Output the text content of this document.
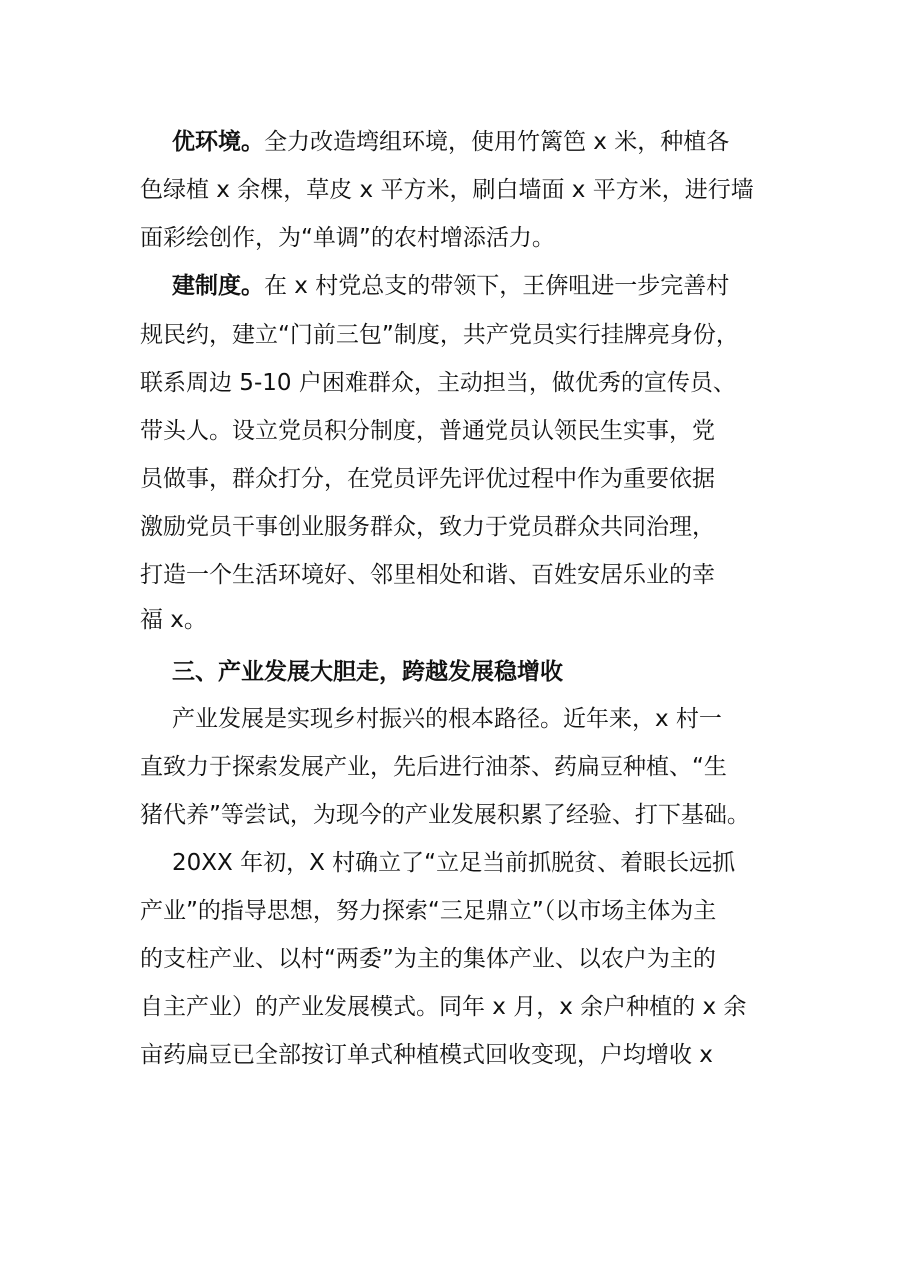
优环境。全力改造塆组环境，使用竹篱笆 x 米，种植各
色绿植 x 余棵，草皮 x 平方米，刷白墙面 x 平方米，进行墙
面彩绘创作，为“单调”的农村增添活力。
建制度。在 x 村党总支的带领下，王倴咀进一步完善村
规民约，建立“门前三包”制度，共产党员实行挂牌亮身份，
联系周边 5-10 户困难群众，主动担当，做优秀的宣传员、
带头人。设立党员积分制度，普通党员认领民生实事，党
员做事，群众打分，在党员评先评优过程中作为重要依据
激励党员干事创业服务群众，致力于党员群众共同治理，
打造一个生活环境好、邻里相处和谐、百姓安居乐业的幸
福 x。
三、产业发展大胆走，跨越发展稳增收
产业发展是实现乡村振兴的根本路径。近年来，x 村一
直致力于探索发展产业，先后进行油茶、药扁豆种植、“生
猪代养”等尝试，为现今的产业发展积累了经验、打下基础。
20XX 年初，X 村确立了“立足当前抓脱贫、着眼长远抓
产业”的指导思想，努力探索“三足鼎立”（以市场主体为主
的支柱产业、以村“两委”为主的集体产业、以农户为主的
自主产业）的产业发展模式。同年 x 月，x 余户种植的 x 余
亩药扁豆已全部按订单式种植模式回收变现，户均增收 x
